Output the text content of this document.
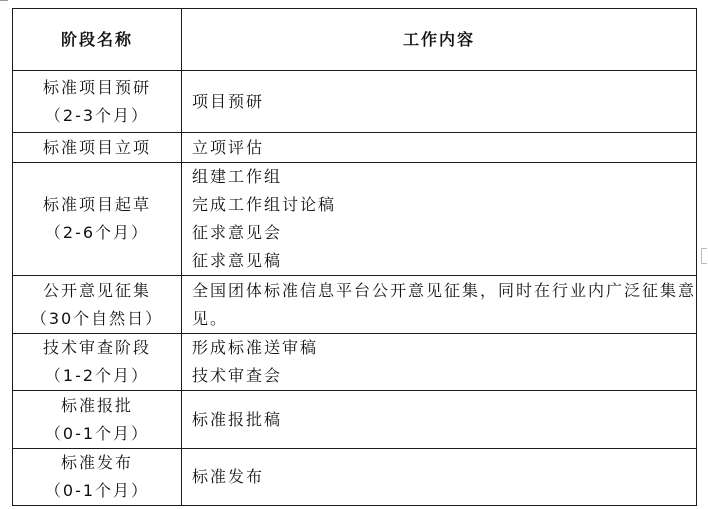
阶段名称	工作内容

标准项目预研
（2-3个月）	项目预研

标准项目立项	立项评估

标准项目起草
（2-6个月）	组建工作组
完成工作组讨论稿
征求意见会
征求意见稿

公开意见征集
（30个自然日）	全国团体标准信息平台公开意见征集，同时在行业内广泛征集意见。

技术审查阶段
（1-2个月）	形成标准送审稿
技术审查会

标准报批
（0-1个月）	标准报批稿

标准发布
（0-1个月）	标准发布
